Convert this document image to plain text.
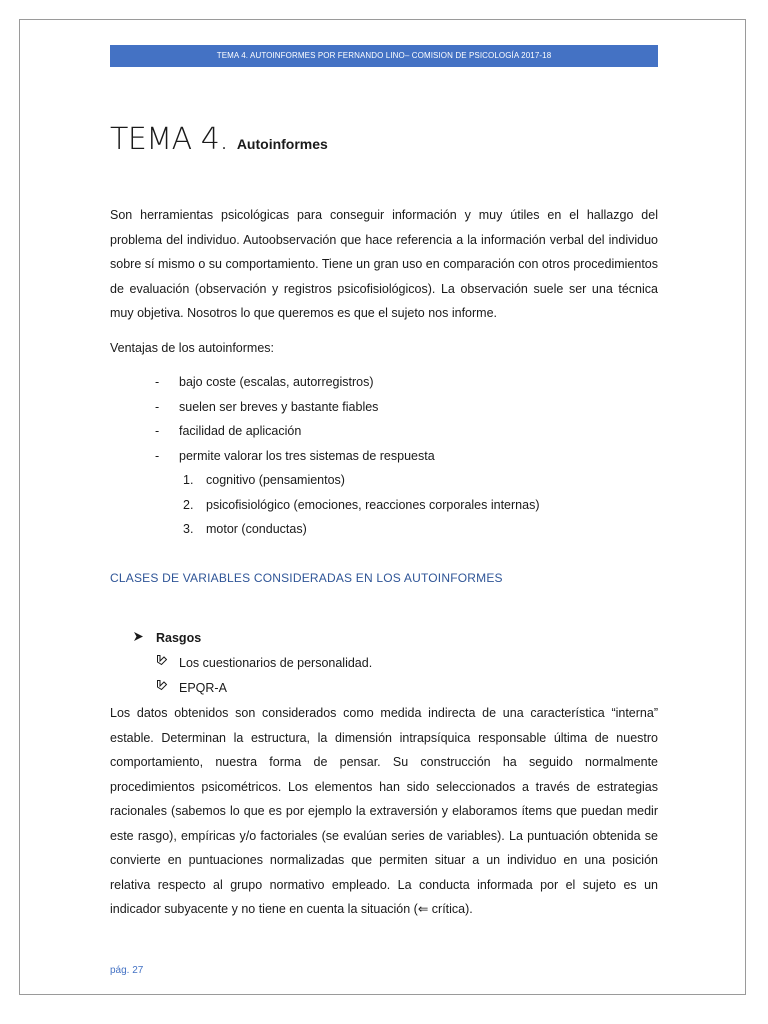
TEMA 4. AUTOINFORMES POR FERNANDO LINO– COMISION DE PSICOLOGÍA 2017-18
TEMA 4. Autoinformes

Son herramientas psicológicas para conseguir información y muy útiles en el hallazgo del problema del individuo. Autoobservación que hace referencia a la información verbal del individuo sobre sí mismo o su comportamiento. Tiene un gran uso en comparación con otros procedimientos de evaluación (observación y registros psicofisiológicos). La observación suele ser una técnica muy objetiva. Nosotros lo que queremos es que el sujeto nos informe.

Ventajas de los autoinformes:

- bajo coste (escalas, autorregistros)
- suelen ser breves y bastante fiables
- facilidad de aplicación
- permite valorar los tres sistemas de respuesta
1. cognitivo (pensamientos)
2. psicofisiológico (emociones, reacciones corporales internas)
3. motor (conductas)
CLASES DE VARIABLES CONSIDERADAS EN LOS AUTOINFORMES
Rasgos
Los cuestionarios de personalidad.
EPQR-A

Los datos obtenidos son considerados como medida indirecta de una característica “interna” estable. Determinan la estructura, la dimensión intrapsíquica responsable última de nuestro comportamiento, nuestra forma de pensar. Su construcción ha seguido normalmente procedimientos psicométricos. Los elementos han sido seleccionados a través de estrategias racionales (sabemos lo que es por ejemplo la extraversión y elaboramos ítems que puedan medir este rasgo), empíricas y/o factoriales (se evalúan series de variables). La puntuación obtenida se convierte en puntuaciones normalizadas que permiten situar a un individuo en una posición relativa respecto al grupo normativo empleado. La conducta informada por el sujeto es un indicador subyacente y no tiene en cuenta la situación (⇐ crítica).

pág. 27
